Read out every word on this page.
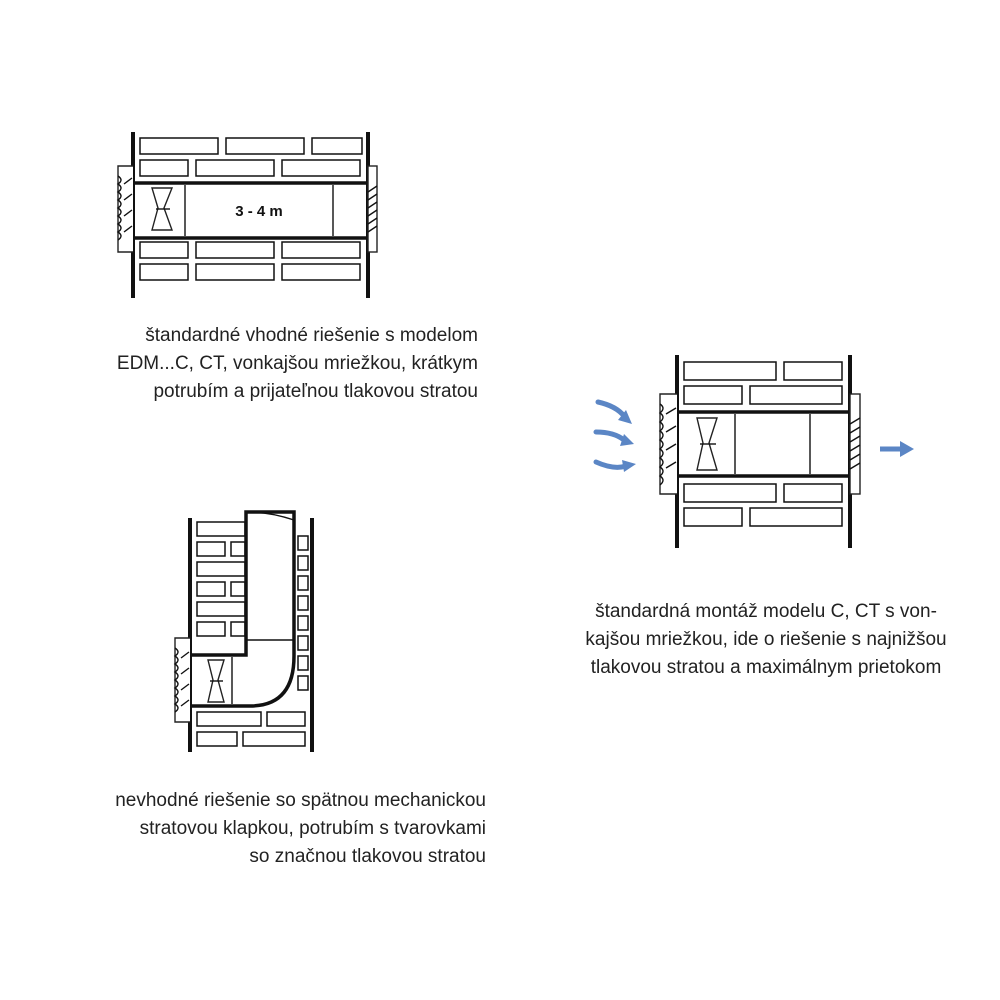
3 - 4 m
štandardné vhodné riešenie s modelom
EDM...C, CT, vonkajšou mriežkou, krátkym
potrubím a prijateľnou tlakovou stratou
štandardná montáž modelu C, CT s von-
kajšou mriežkou, ide o riešenie s najnižšou
tlakovou stratou a maximálnym prietokom
nevhodné riešenie so spätnou mechanickou
stratovou klapkou, potrubím s tvarovkami
so značnou tlakovou stratou
